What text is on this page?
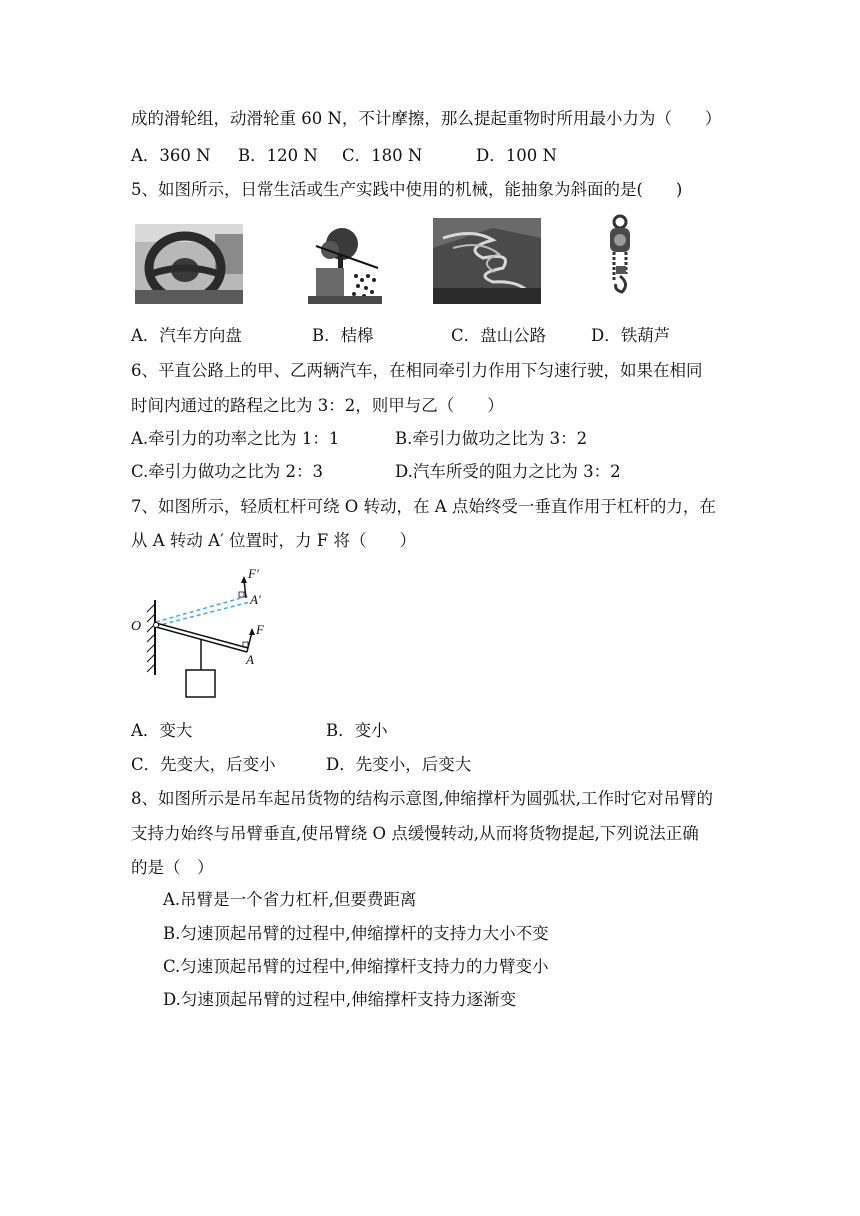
成的滑轮组，动滑轮重 60 N，不计摩擦，那么提起重物时所用最小力为（　　）
A．360 N B．120 N C．180 N	D．100 N
5、如图所示，日常生活或生产实践中使用的机械，能抽象为斜面的是(　　)
A．汽车方向盘	B．桔槔	C．盘山公路	D．铁葫芦
6、平直公路上的甲、乙两辆汽车，在相同牵引力作用下匀速行驶，如果在相同
时间内通过的路程之比为 3：2，则甲与乙（　　）
A.牵引力的功率之比为 1：1	B.牵引力做功之比为 3：2
C.牵引力做功之比为 2：3	D.汽车所受的阻力之比为 3：2
7、如图所示，轻质杠杆可绕 O 转动，在 A 点始终受一垂直作用于杠杆的力，在
从 A 转动 A′ 位置时，力 F 将（　　）
F′
A′
O	F
A
A．变大	B．变小
C．先变大，后变小	D．先变小，后变大
8、如图所示是吊车起吊货物的结构示意图,伸缩撑杆为圆弧状,工作时它对吊臂的
支持力始终与吊臂垂直,使吊臂绕 O 点缓慢转动,从而将货物提起,下列说法正确
的是（　）
A.吊臂是一个省力杠杆,但要费距离
B.匀速顶起吊臂的过程中,伸缩撑杆的支持力大小不变
C.匀速顶起吊臂的过程中,伸缩撑杆支持力的力臂变小
D.匀速顶起吊臂的过程中,伸缩撑杆支持力逐渐变
